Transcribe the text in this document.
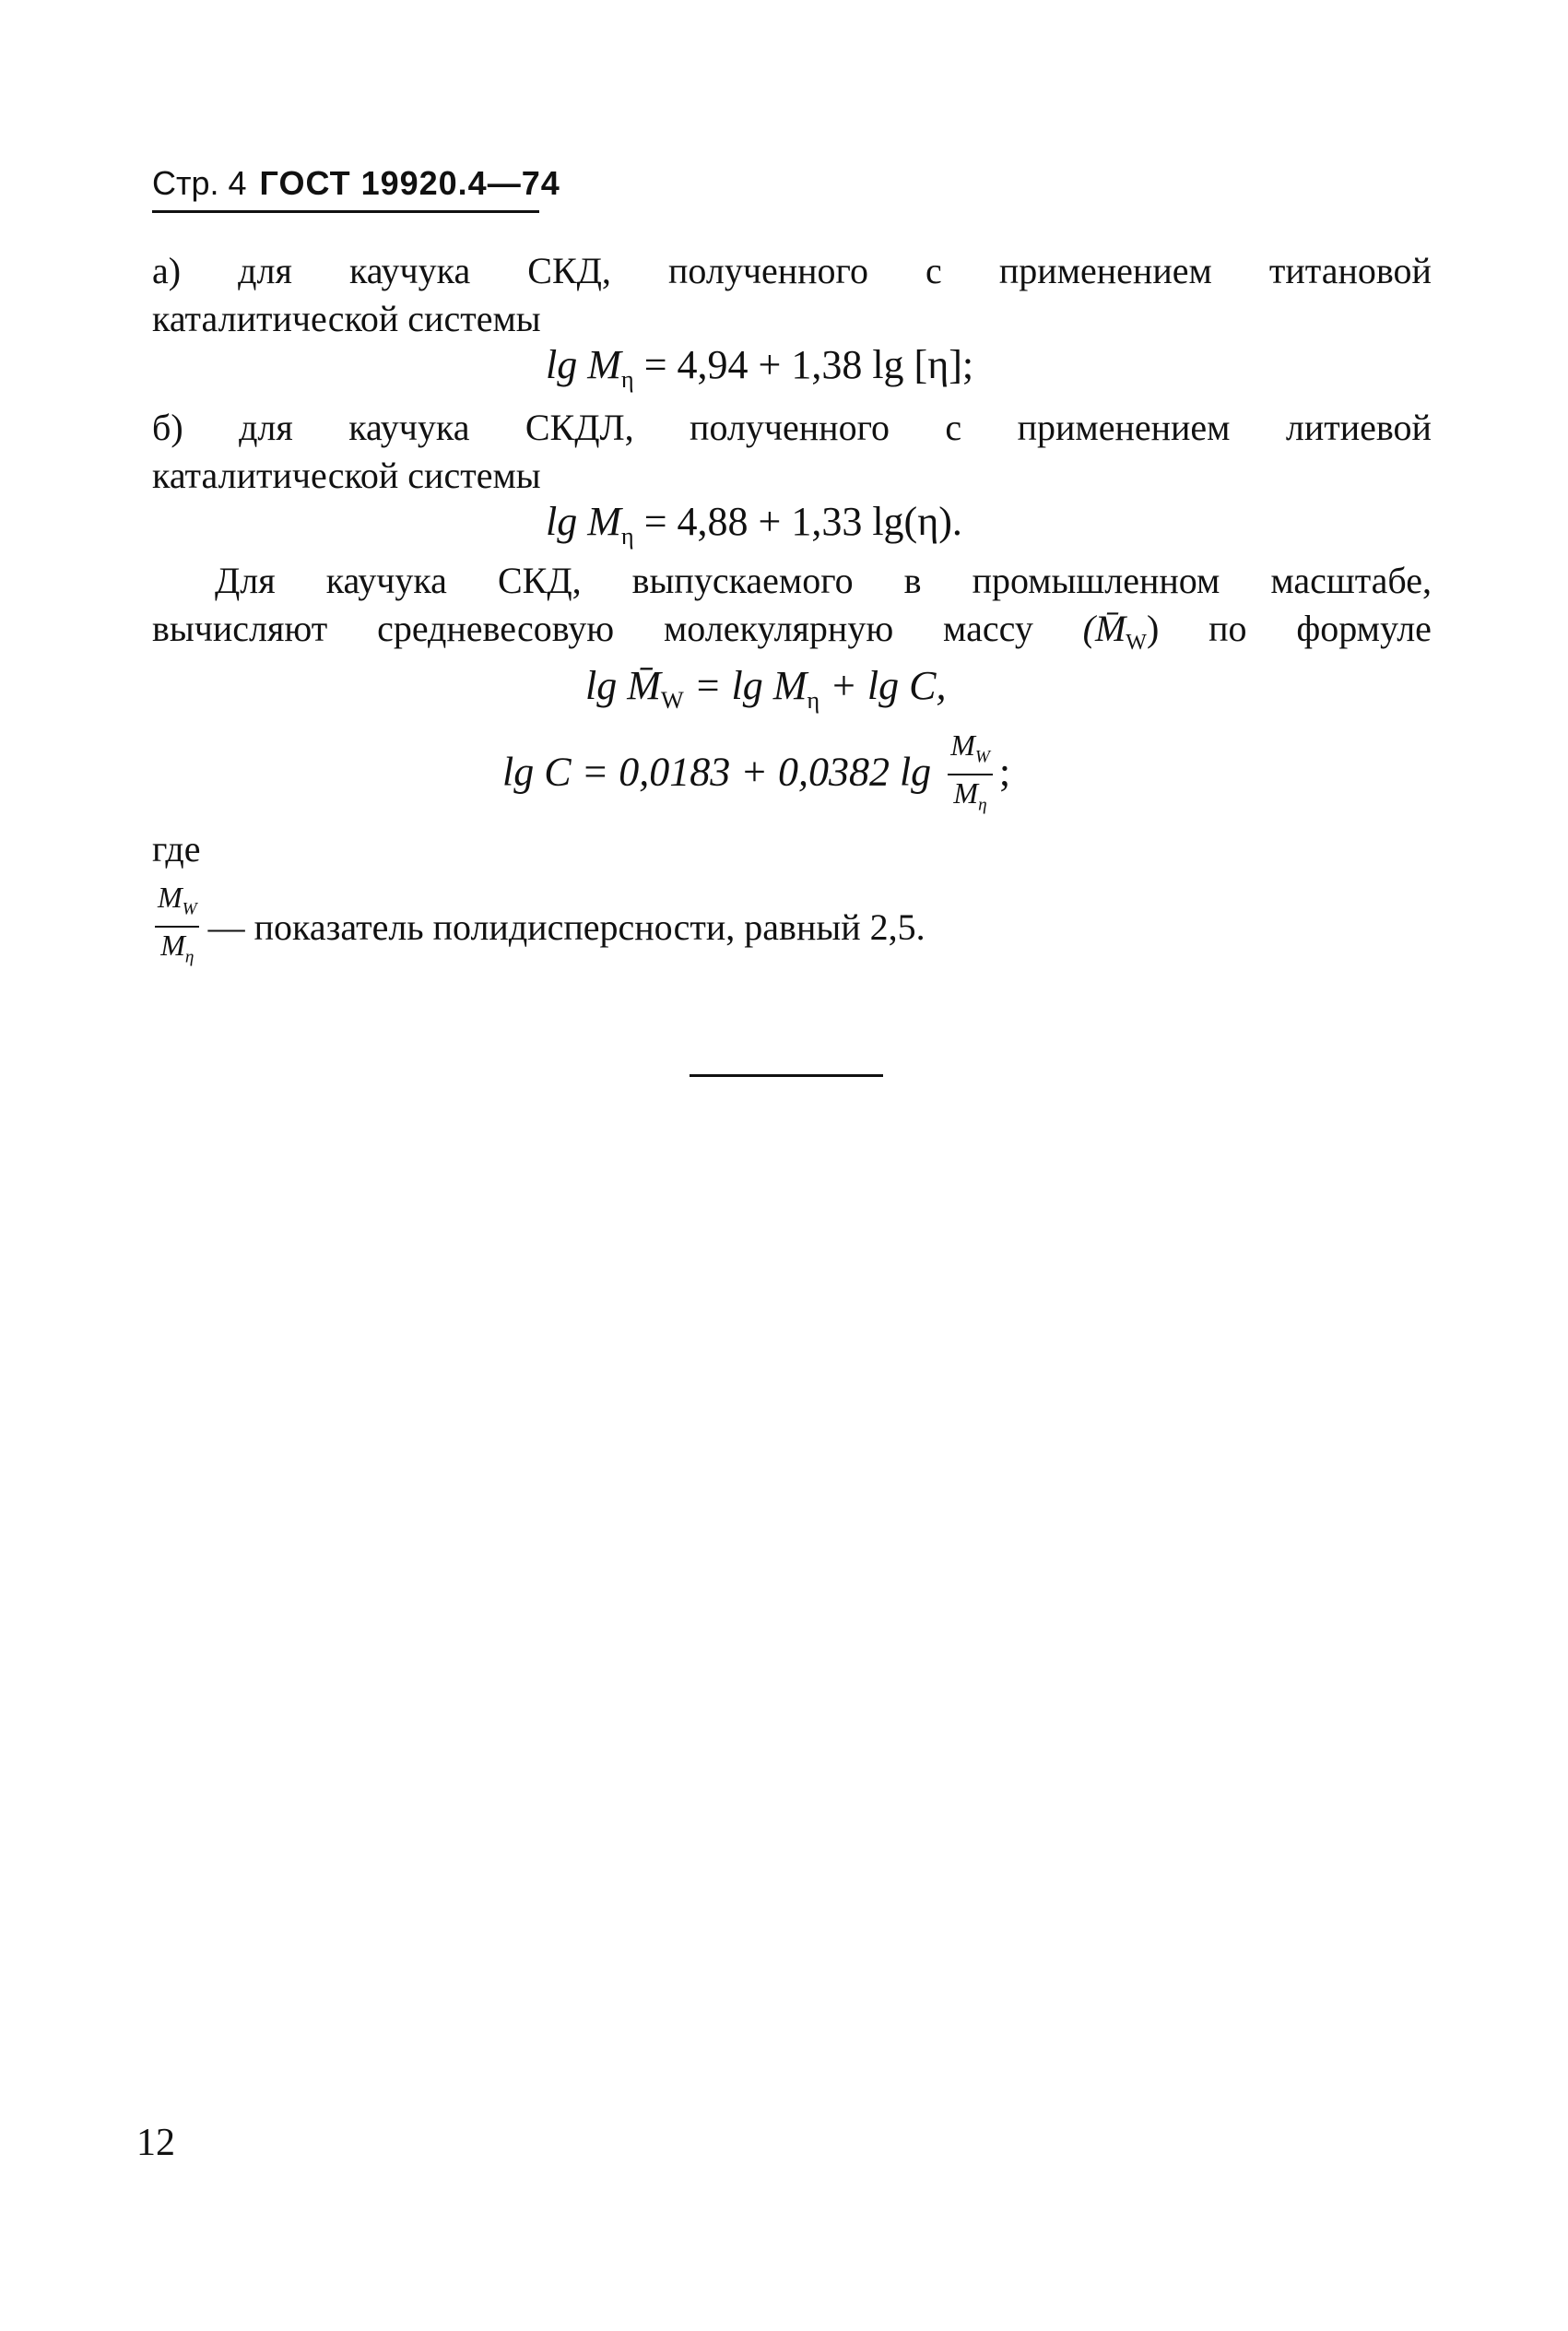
Стр. 4 ГОСТ 19920.4—74
а) для каучука СКД, полученного с применением титановой
каталитической системы
$\lg M_\eta = 4,94 + 1,38$ lg [η];
б) для каучука СКДЛ, полученного с применением литиевой
каталитической системы
$\lg M_\eta = 4,88 + 1,33$ lg(η).
Для каучука СКД, выпускаемого в промышленном масштабе,
вычисляют средневесовую молекулярную массу $(M̄_W)$ по формуле
$\lg M̄_W = \lg M_\eta + \lg C$,
lg C = 0,0183 + 0,0382 $\lg \frac{M_W}{M_\eta}$ ;
где
$\frac{M_W}{M_\eta}$ — показатель полидисперсности, равный 2,5.
12
